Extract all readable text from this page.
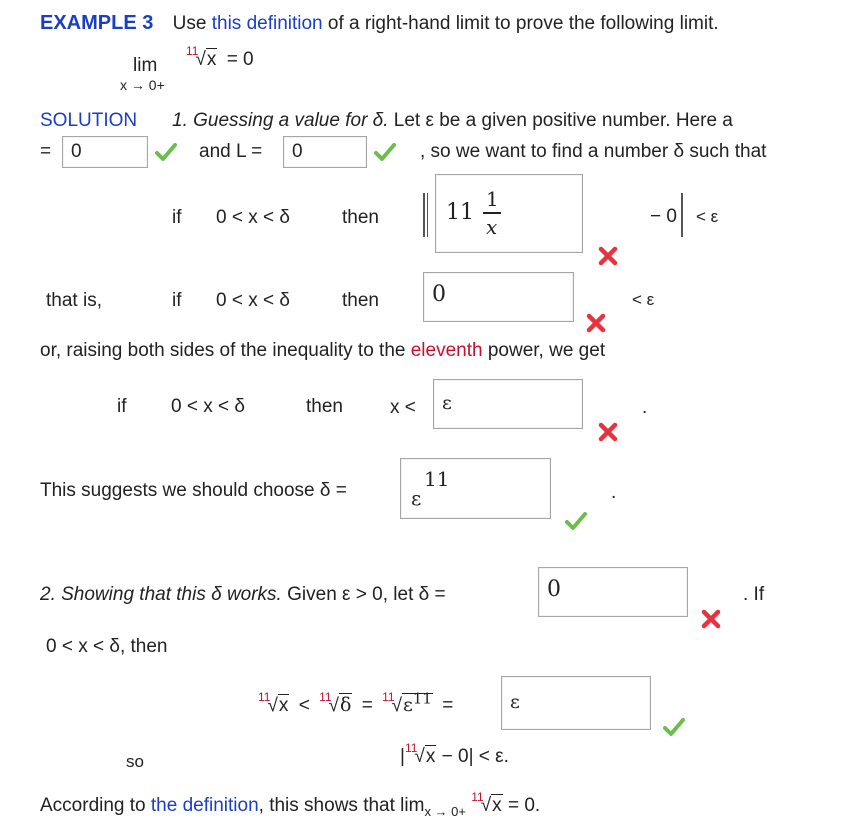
EXAMPLE 3 Use this definition of a right-hand limit to prove the following limit.
lim
x → 0+
$^{11}$√x = 0
SOLUTION 1. Guessing a value for δ. Let ε be a given positive number. Here a
= 0	and L = 0	, so we want to find a number δ such that
if 0 < x < δ	then	11
1
x	− 0 < ε
that is,	if 0 < x < δ	then 0	< ε
or, raising both sides of the inequality to the eleventh power, we get
if 0 < x < δ	then x < ε	.
This suggests we should choose δ =	ε
11
.
2. Showing that this δ works. Given ε > 0, let δ =	0	. If
0 < x < δ, then
$^{11}√x < ^{11}√\delta = ^{11}√\varepsilon^{11}$ =	ε
so	$|^{11}√x - 0| < \varepsilon$.
According to the definition, this shows that $\lim_{x \to 0+} ^{11}√x = 0$.
